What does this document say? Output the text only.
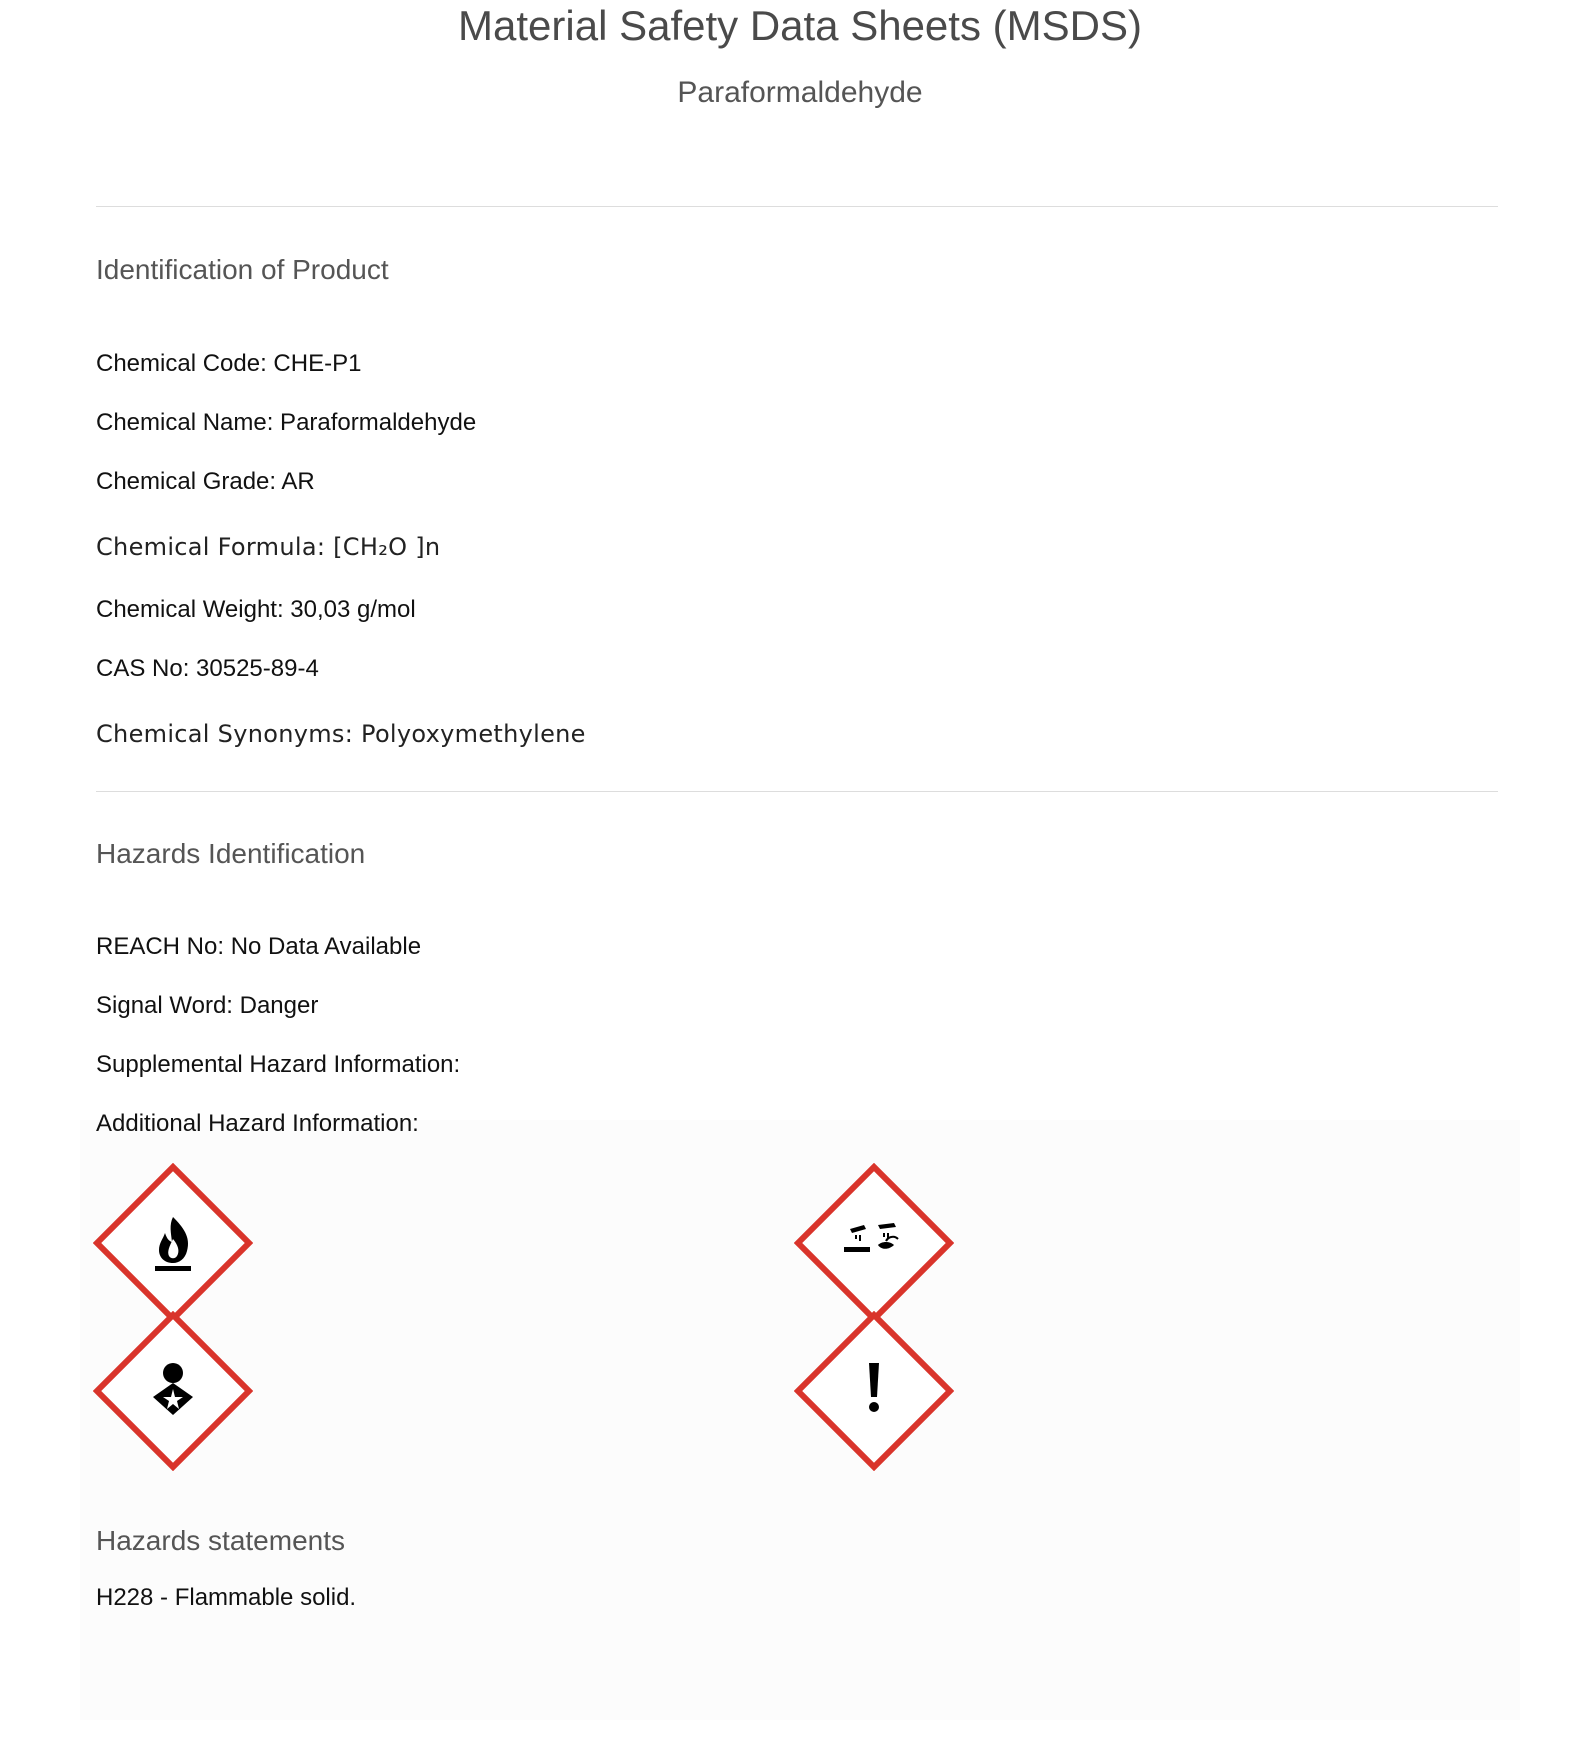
Material Safety Data Sheets (MSDS)
Paraformaldehyde
Identification of Product
Chemical Code: CHE-P1
Chemical Name: Paraformaldehyde
Chemical Grade: AR
Chemical Formula: [CH₂O ]n
Chemical Weight: 30,03 g/mol
CAS No: 30525-89-4
Chemical Synonyms: Polyoxymethylene
Hazards Identification
REACH No: No Data Available
Signal Word: Danger
Supplemental Hazard Information:
Additional Hazard Information:
Hazards statements
H228 - Flammable solid.
